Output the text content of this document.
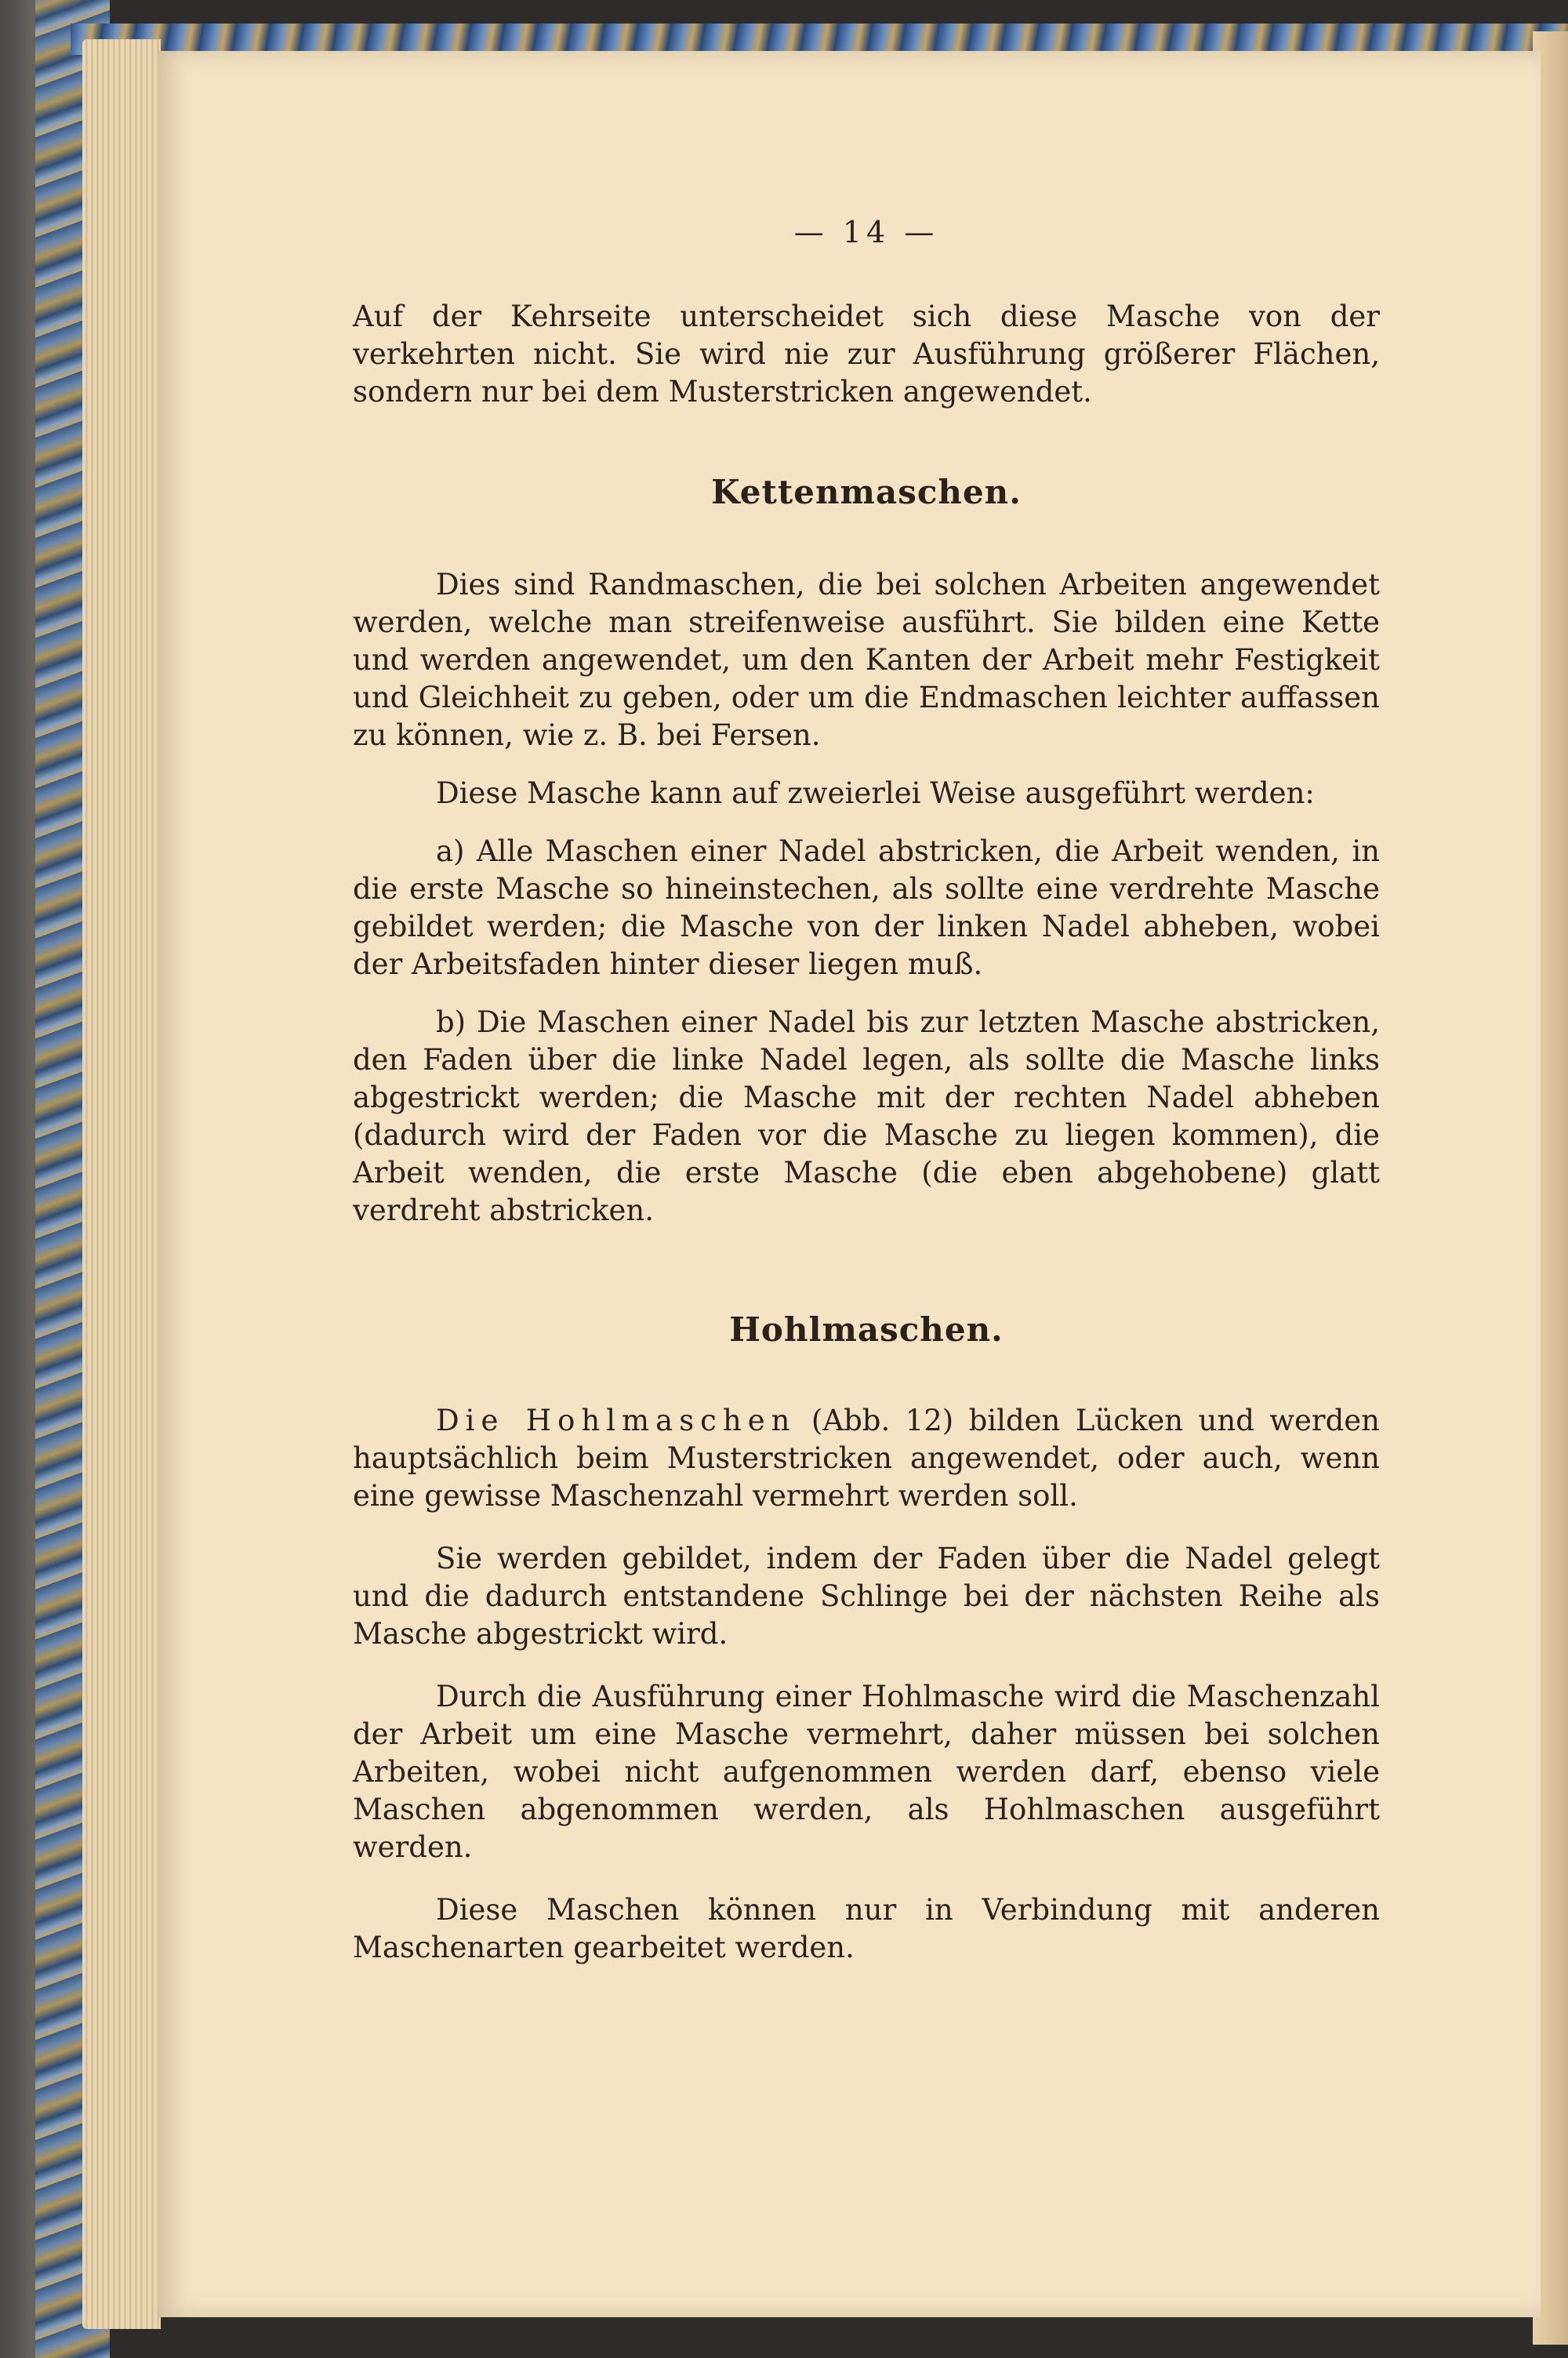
— 14 —

Auf der Kehrseite unterscheidet sich diese Masche von der verkehrten nicht. Sie wird nie zur Ausführung größerer Flächen, sondern nur bei dem Musterstricken angewendet.

Kettenmaschen.

Dies sind Randmaschen, die bei solchen Arbeiten angewendet werden, welche man streifenweise ausführt. Sie bilden eine Kette und werden angewendet, um den Kanten der Arbeit mehr Festigkeit und Gleichheit zu geben, oder um die Endmaschen leichter auffassen zu können, wie z. B. bei Fersen.

Diese Masche kann auf zweierlei Weise ausgeführt werden:

a) Alle Maschen einer Nadel abstricken, die Arbeit wenden, in die erste Masche so hineinstechen, als sollte eine verdrehte Masche gebildet werden; die Masche von der linken Nadel abheben, wobei der Arbeitsfaden hinter dieser liegen muß.

b) Die Maschen einer Nadel bis zur letzten Masche abstricken, den Faden über die linke Nadel legen, als sollte die Masche links abgestrickt werden; die Masche mit der rechten Nadel abheben (dadurch wird der Faden vor die Masche zu liegen kommen), die Arbeit wenden, die erste Masche (die eben abgehobene) glatt verdreht abstricken.

Hohlmaschen.

Die Hohlmaschen (Abb. 12) bilden Lücken und werden hauptsächlich beim Musterstricken angewendet, oder auch, wenn eine gewisse Maschenzahl vermehrt werden soll.

Sie werden gebildet, indem der Faden über die Nadel gelegt und die dadurch entstandene Schlinge bei der nächsten Reihe als Masche abgestrickt wird.

Durch die Ausführung einer Hohlmasche wird die Maschenzahl der Arbeit um eine Masche vermehrt, daher müssen bei solchen Arbeiten, wobei nicht aufgenommen werden darf, ebenso viele Maschen abgenommen werden, als Hohlmaschen ausgeführt werden.

Diese Maschen können nur in Verbindung mit anderen Maschenarten gearbeitet werden.
